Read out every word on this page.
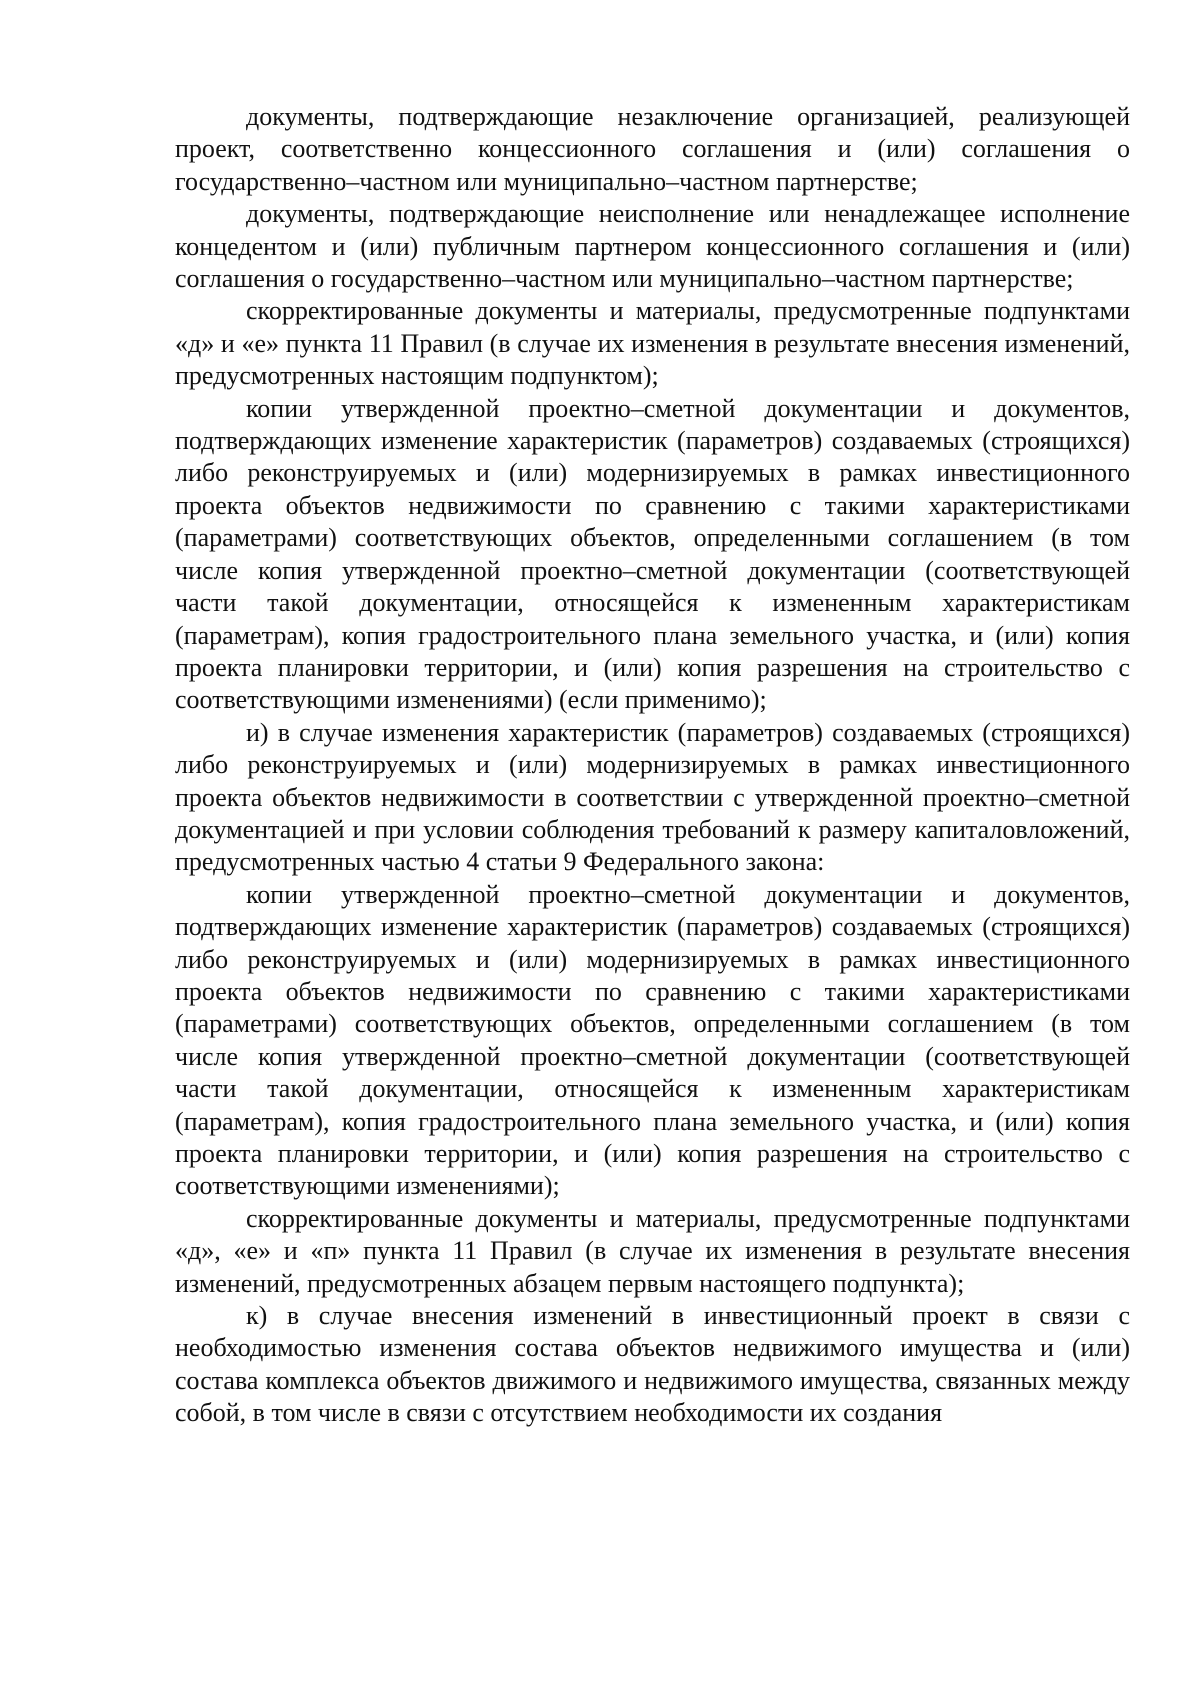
документы, подтверждающие незаключение организацией, реализующей проект, соответственно концессионного соглашения и (или) соглашения о государственно–частном или муниципально–частном партнерстве;

документы, подтверждающие неисполнение или ненадлежащее исполнение концедентом и (или) публичным партнером концессионного соглашения и (или) соглашения о государственно–частном или муниципально–частном партнерстве;

скорректированные документы и материалы, предусмотренные подпунктами «д» и «е» пункта 11 Правил (в случае их изменения в результате внесения изменений, предусмотренных настоящим подпунктом);

копии утвержденной проектно–сметной документации и документов, подтверждающих изменение характеристик (параметров) создаваемых (строящихся) либо реконструируемых и (или) модернизируемых в рамках инвестиционного проекта объектов недвижимости по сравнению с такими характеристиками (параметрами) соответствующих объектов, определенными соглашением (в том числе копия утвержденной проектно–сметной документации (соответствующей части такой документации, относящейся к измененным характеристикам (параметрам), копия градостроительного плана земельного участка, и (или) копия проекта планировки территории, и (или) копия разрешения на строительство с соответствующими изменениями) (если применимо);

и) в случае изменения характеристик (параметров) создаваемых (строящихся) либо реконструируемых и (или) модернизируемых в рамках инвестиционного проекта объектов недвижимости в соответствии с утвержденной проектно–сметной документацией и при условии соблюдения требований к размеру капиталовложений, предусмотренных частью 4 статьи 9 Федерального закона:

копии утвержденной проектно–сметной документации и документов, подтверждающих изменение характеристик (параметров) создаваемых (строящихся) либо реконструируемых и (или) модернизируемых в рамках инвестиционного проекта объектов недвижимости по сравнению с такими характеристиками (параметрами) соответствующих объектов, определенными соглашением (в том числе копия утвержденной проектно–сметной документации (соответствующей части такой документации, относящейся к измененным характеристикам (параметрам), копия градостроительного плана земельного участка, и (или) копия проекта планировки территории, и (или) копия разрешения на строительство с соответствующими изменениями);

скорректированные документы и материалы, предусмотренные подпунктами «д», «е» и «п» пункта 11 Правил (в случае их изменения в результате внесения изменений, предусмотренных абзацем первым настоящего подпункта);

к) в случае внесения изменений в инвестиционный проект в связи с необходимостью изменения состава объектов недвижимого имущества и (или) состава комплекса объектов движимого и недвижимого имущества, связанных между собой, в том числе в связи с отсутствием необходимости их создания
